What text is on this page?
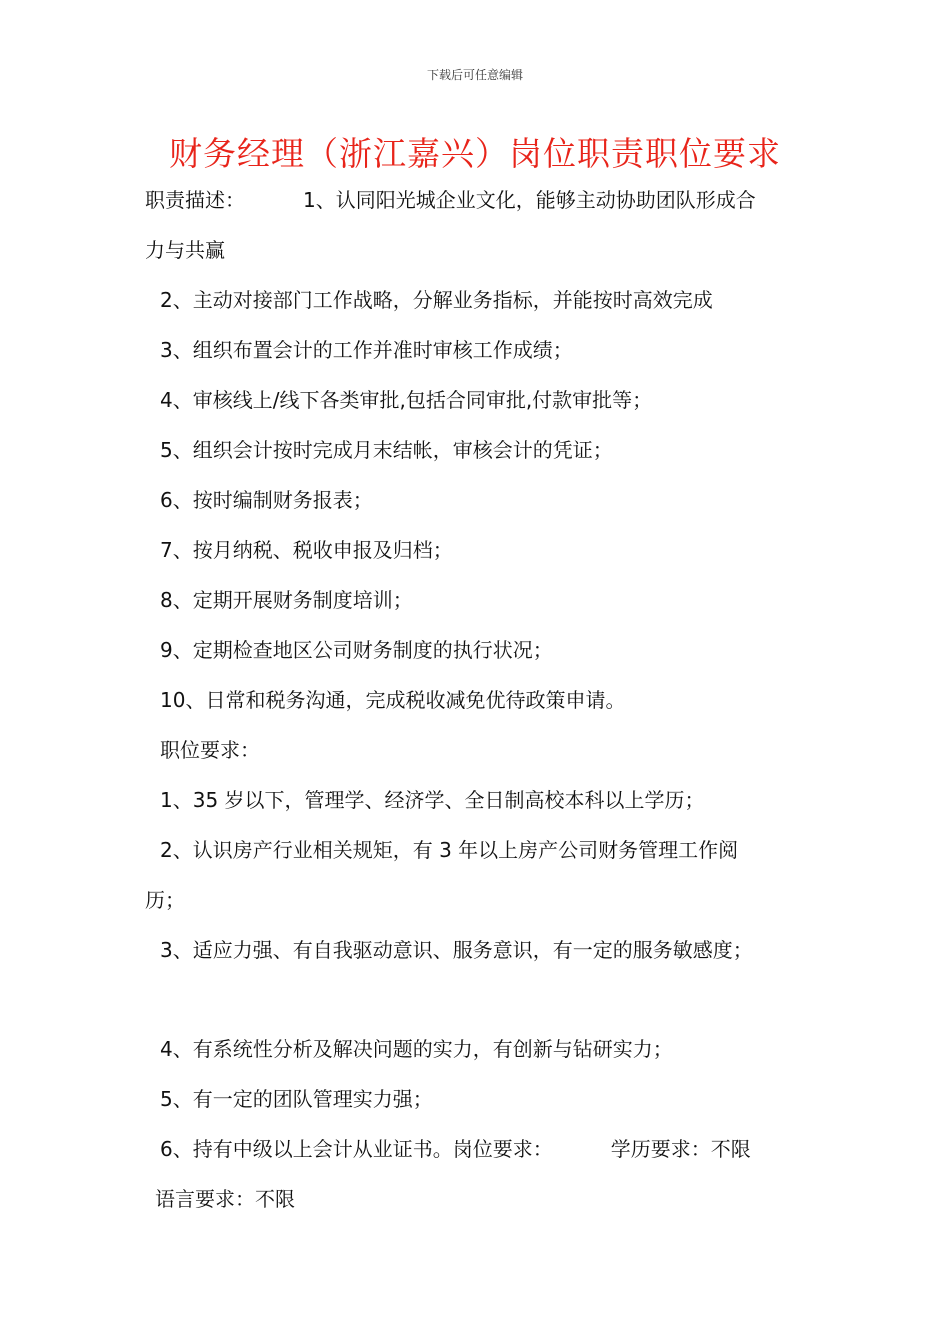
下载后可任意编辑
财务经理（浙江嘉兴）岗位职责职位要求
职责描述：	1、认同阳光城企业文化，能够主动协助团队形成合
力与共赢
2、主动对接部门工作战略，分解业务指标，并能按时高效完成
3、组织布置会计的工作并准时审核工作成绩；
4、审核线上/线下各类审批,包括合同审批,付款审批等；
5、组织会计按时完成月末结帐，审核会计的凭证；
6、按时编制财务报表；
7、按月纳税、税收申报及归档；
8、定期开展财务制度培训；
9、定期检查地区公司财务制度的执行状况；
10、日常和税务沟通，完成税收减免优待政策申请。
职位要求：
1、35 岁以下，管理学、经济学、全日制高校本科以上学历；
2、认识房产行业相关规矩，有 3 年以上房产公司财务管理工作阅
历；
3、适应力强、有自我驱动意识、服务意识，有一定的服务敏感度；
4、有系统性分析及解决问题的实力，有创新与钻研实力；
5、有一定的团队管理实力强；
6、持有中级以上会计从业证书。岗位要求：	学历要求：不限
语言要求：不限
